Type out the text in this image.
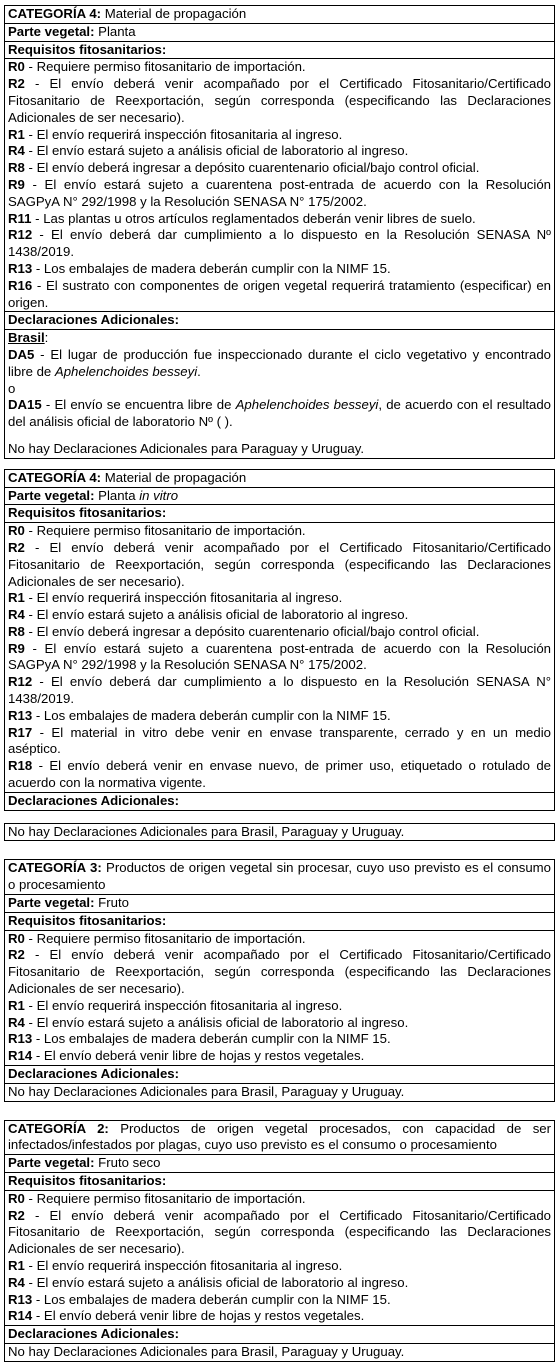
CATEGORÍA 4: Material de propagación
Parte vegetal: Planta
Requisitos fitosanitarios:

R0 - Requiere permiso fitosanitario de importación.

R2 - El envío deberá venir acompañado por el Certificado Fitosanitario/Certificado Fitosanitario de Reexportación, según corresponda (especificando las Declaraciones Adicionales de ser necesario).

R1 - El envío requerirá inspección fitosanitaria al ingreso.

R4 - El envío estará sujeto a análisis oficial de laboratorio al ingreso.

R8 - El envío deberá ingresar a depósito cuarentenario oficial/bajo control oficial.

R9 - El envío estará sujeto a cuarentena post-entrada de acuerdo con la Resolución SAGPyA N° 292/1998 y la Resolución SENASA N° 175/2002.

R11 - Las plantas u otros artículos reglamentados deberán venir libres de suelo.

R12 - El envío deberá dar cumplimiento a lo dispuesto en la Resolución SENASA Nº 1438/2019.

R13 - Los embalajes de madera deberán cumplir con la NIMF 15.

R16 - El sustrato con componentes de origen vegetal requerirá tratamiento (especificar) en origen.

Declaraciones Adicionales:

Brasil:

DA5 - El lugar de producción fue inspeccionado durante el ciclo vegetativo y encontrado libre de Aphelenchoides besseyi.

o

DA15 - El envío se encuentra libre de Aphelenchoides besseyi, de acuerdo con el resultado del análisis oficial de laboratorio Nº ( ).

No hay Declaraciones Adicionales para Paraguay y Uruguay.

CATEGORÍA 4: Material de propagación
Parte vegetal: Planta in vitro
Requisitos fitosanitarios:

R0 - Requiere permiso fitosanitario de importación.

R2 - El envío deberá venir acompañado por el Certificado Fitosanitario/Certificado Fitosanitario de Reexportación, según corresponda (especificando las Declaraciones Adicionales de ser necesario).

R1 - El envío requerirá inspección fitosanitaria al ingreso.

R4 - El envío estará sujeto a análisis oficial de laboratorio al ingreso.

R8 - El envío deberá ingresar a depósito cuarentenario oficial/bajo control oficial.

R9 - El envío estará sujeto a cuarentena post-entrada de acuerdo con la Resolución SAGPyA N° 292/1998 y la Resolución SENASA N° 175/2002.

R12 - El envío deberá dar cumplimiento a lo dispuesto en la Resolución SENASA N° 1438/2019.

R13 - Los embalajes de madera deberán cumplir con la NIMF 15.

R17 - El material in vitro debe venir en envase transparente, cerrado y en un medio aséptico.

R18 - El envío deberá venir en envase nuevo, de primer uso, etiquetado o rotulado de acuerdo con la normativa vigente.

Declaraciones Adicionales:
No hay Declaraciones Adicionales para Brasil, Paraguay y Uruguay.
CATEGORÍA 3: Productos de origen vegetal sin procesar, cuyo uso previsto es el consumo o procesamiento
Parte vegetal: Fruto
Requisitos fitosanitarios:

R0 - Requiere permiso fitosanitario de importación.

R2 - El envío deberá venir acompañado por el Certificado Fitosanitario/Certificado Fitosanitario de Reexportación, según corresponda (especificando las Declaraciones Adicionales de ser necesario).

R1 - El envío requerirá inspección fitosanitaria al ingreso.

R4 - El envío estará sujeto a análisis oficial de laboratorio al ingreso.

R13 - Los embalajes de madera deberán cumplir con la NIMF 15.

R14 - El envío deberá venir libre de hojas y restos vegetales.

Declaraciones Adicionales:
No hay Declaraciones Adicionales para Brasil, Paraguay y Uruguay.
CATEGORÍA 2: Productos de origen vegetal procesados, con capacidad de ser infectados/infestados por plagas, cuyo uso previsto es el consumo o procesamiento
Parte vegetal: Fruto seco
Requisitos fitosanitarios:

R0 - Requiere permiso fitosanitario de importación.

R2 - El envío deberá venir acompañado por el Certificado Fitosanitario/Certificado Fitosanitario de Reexportación, según corresponda (especificando las Declaraciones Adicionales de ser necesario).

R1 - El envío requerirá inspección fitosanitaria al ingreso.

R4 - El envío estará sujeto a análisis oficial de laboratorio al ingreso.

R13 - Los embalajes de madera deberán cumplir con la NIMF 15.

R14 - El envío deberá venir libre de hojas y restos vegetales.

Declaraciones Adicionales:
No hay Declaraciones Adicionales para Brasil, Paraguay y Uruguay.
